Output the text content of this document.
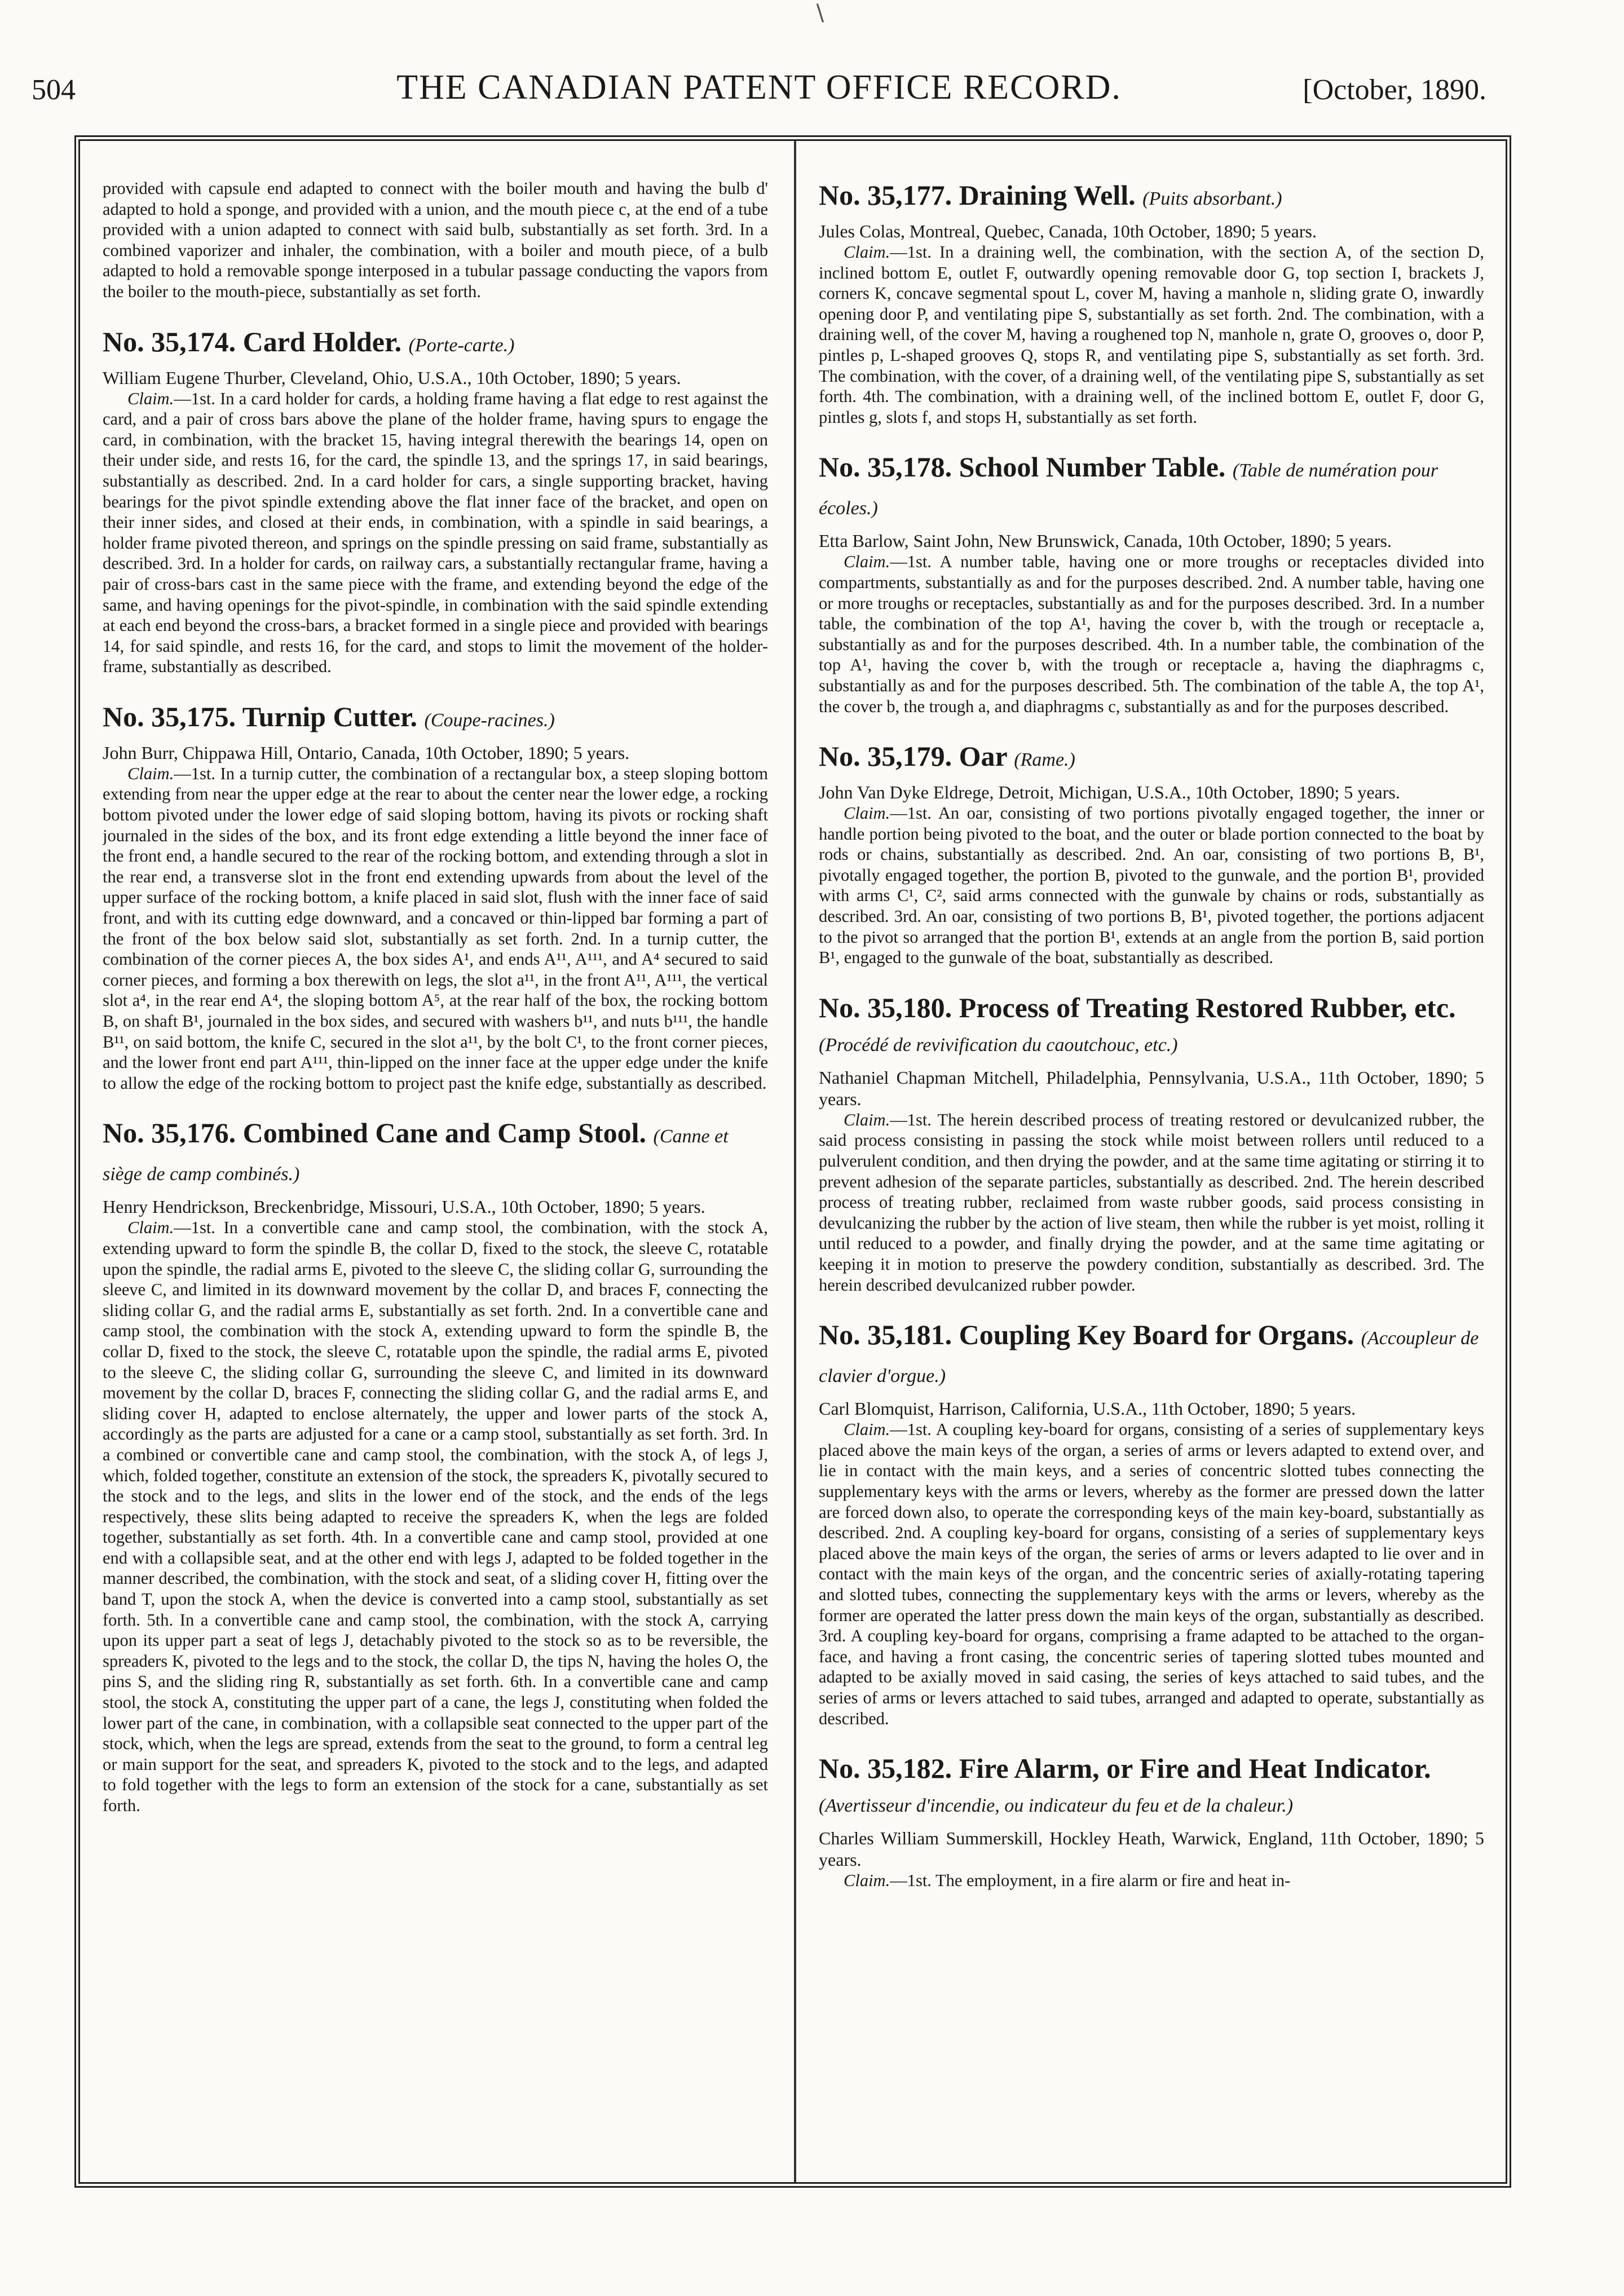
∖
504	THE CANADIAN PATENT OFFICE RECORD.	[October, 1890.

provided with capsule end adapted to connect with the boiler mouth and having the bulb d' adapted to hold a sponge, and provided with a union, and the mouth piece c, at the end of a tube provided with a union adapted to connect with said bulb, substantially as set forth. 3rd. In a combined vaporizer and inhaler, the combination, with a boiler and mouth piece, of a bulb adapted to hold a removable sponge interposed in a tubular passage conducting the vapors from the boiler to the mouth-piece, substantially as set forth.

No. 35,174. Card Holder. (Porte-carte.)

William Eugene Thurber, Cleveland, Ohio, U.S.A., 10th October, 1890; 5 years.

Claim.—1st. In a card holder for cards, a holding frame having a flat edge to rest against the card, and a pair of cross bars above the plane of the holder frame, having spurs to engage the card, in combination, with the bracket 15, having integral therewith the bearings 14, open on their under side, and rests 16, for the card, the spindle 13, and the springs 17, in said bearings, substantially as described. 2nd. In a card holder for cars, a single supporting bracket, having bearings for the pivot spindle extending above the flat inner face of the bracket, and open on their inner sides, and closed at their ends, in combination, with a spindle in said bearings, a holder frame pivoted thereon, and springs on the spindle pressing on said frame, substantially as described. 3rd. In a holder for cards, on railway cars, a substantially rectangular frame, having a pair of cross-bars cast in the same piece with the frame, and extending beyond the edge of the same, and having openings for the pivot-spindle, in combination with the said spindle extending at each end beyond the cross-bars, a bracket formed in a single piece and provided with bearings 14, for said spindle, and rests 16, for the card, and stops to limit the movement of the holder-frame, substantially as described.

No. 35,175. Turnip Cutter. (Coupe-racines.)

John Burr, Chippawa Hill, Ontario, Canada, 10th October, 1890; 5 years.

Claim.—1st. In a turnip cutter, the combination of a rectangular box, a steep sloping bottom extending from near the upper edge at the rear to about the center near the lower edge, a rocking bottom pivoted under the lower edge of said sloping bottom, having its pivots or rocking shaft journaled in the sides of the box, and its front edge extending a little beyond the inner face of the front end, a handle secured to the rear of the rocking bottom, and extending through a slot in the rear end, a transverse slot in the front end extending upwards from about the level of the upper surface of the rocking bottom, a knife placed in said slot, flush with the inner face of said front, and with its cutting edge downward, and a concaved or thin-lipped bar forming a part of the front of the box below said slot, substantially as set forth. 2nd. In a turnip cutter, the combination of the corner pieces A, the box sides A¹, and ends A¹¹, A¹¹¹, and A⁴ secured to said corner pieces, and forming a box therewith on legs, the slot a¹¹, in the front A¹¹, A¹¹¹, the vertical slot a⁴, in the rear end A⁴, the sloping bottom A⁵, at the rear half of the box, the rocking bottom B, on shaft B¹, journaled in the box sides, and secured with washers b¹¹, and nuts b¹¹¹, the handle B¹¹, on said bottom, the knife C, secured in the slot a¹¹, by the bolt C¹, to the front corner pieces, and the lower front end part A¹¹¹, thin-lipped on the inner face at the upper edge under the knife to allow the edge of the rocking bottom to project past the knife edge, substantially as described.

No. 35,176. Combined Cane and Camp Stool. (Canne et siège de camp combinés.)

Henry Hendrickson, Breckenbridge, Missouri, U.S.A., 10th October, 1890; 5 years.

Claim.—1st. In a convertible cane and camp stool, the combination, with the stock A, extending upward to form the spindle B, the collar D, fixed to the stock, the sleeve C, rotatable upon the spindle, the radial arms E, pivoted to the sleeve C, the sliding collar G, surrounding the sleeve C, and limited in its downward movement by the collar D, and braces F, connecting the sliding collar G, and the radial arms E, substantially as set forth. 2nd. In a convertible cane and camp stool, the combination with the stock A, extending upward to form the spindle B, the collar D, fixed to the stock, the sleeve C, rotatable upon the spindle, the radial arms E, pivoted to the sleeve C, the sliding collar G, surrounding the sleeve C, and limited in its downward movement by the collar D, braces F, connecting the sliding collar G, and the radial arms E, and sliding cover H, adapted to enclose alternately, the upper and lower parts of the stock A, accordingly as the parts are adjusted for a cane or a camp stool, substantially as set forth. 3rd. In a combined or convertible cane and camp stool, the combination, with the stock A, of legs J, which, folded together, constitute an extension of the stock, the spreaders K, pivotally secured to the stock and to the legs, and slits in the lower end of the stock, and the ends of the legs respectively, these slits being adapted to receive the spreaders K, when the legs are folded together, substantially as set forth. 4th. In a convertible cane and camp stool, provided at one end with a collapsible seat, and at the other end with legs J, adapted to be folded together in the manner described, the combination, with the stock and seat, of a sliding cover H, fitting over the band T, upon the stock A, when the device is converted into a camp stool, substantially as set forth. 5th. In a convertible cane and camp stool, the combination, with the stock A, carrying upon its upper part a seat of legs J, detachably pivoted to the stock so as to be reversible, the spreaders K, pivoted to the legs and to the stock, the collar D, the tips N, having the holes O, the pins S, and the sliding ring R, substantially as set forth. 6th. In a convertible cane and camp stool, the stock A, constituting the upper part of a cane, the legs J, constituting when folded the lower part of the cane, in combination, with a collapsible seat connected to the upper part of the stock, which, when the legs are spread, extends from the seat to the ground, to form a central leg or main support for the seat, and spreaders K, pivoted to the stock and to the legs, and adapted to fold together with the legs to form an extension of the stock for a cane, substantially as set forth.

No. 35,177. Draining Well. (Puits absorbant.)

Jules Colas, Montreal, Quebec, Canada, 10th October, 1890; 5 years.

Claim.—1st. In a draining well, the combination, with the section A, of the section D, inclined bottom E, outlet F, outwardly opening removable door G, top section I, brackets J, corners K, concave segmental spout L, cover M, having a manhole n, sliding grate O, inwardly opening door P, and ventilating pipe S, substantially as set forth. 2nd. The combination, with a draining well, of the cover M, having a roughened top N, manhole n, grate O, grooves o, door P, pintles p, L-shaped grooves Q, stops R, and ventilating pipe S, substantially as set forth. 3rd. The combination, with the cover, of a draining well, of the ventilating pipe S, substantially as set forth. 4th. The combination, with a draining well, of the inclined bottom E, outlet F, door G, pintles g, slots f, and stops H, substantially as set forth.

No. 35,178. School Number Table. (Table de numération pour écoles.)

Etta Barlow, Saint John, New Brunswick, Canada, 10th October, 1890; 5 years.

Claim.—1st. A number table, having one or more troughs or receptacles divided into compartments, substantially as and for the purposes described. 2nd. A number table, having one or more troughs or receptacles, substantially as and for the purposes described. 3rd. In a number table, the combination of the top A¹, having the cover b, with the trough or receptacle a, substantially as and for the purposes described. 4th. In a number table, the combination of the top A¹, having the cover b, with the trough or receptacle a, having the diaphragms c, substantially as and for the purposes described. 5th. The combination of the table A, the top A¹, the cover b, the trough a, and diaphragms c, substantially as and for the purposes described.

No. 35,179. Oar (Rame.)

John Van Dyke Eldrege, Detroit, Michigan, U.S.A., 10th October, 1890; 5 years.

Claim.—1st. An oar, consisting of two portions pivotally engaged together, the inner or handle portion being pivoted to the boat, and the outer or blade portion connected to the boat by rods or chains, substantially as described. 2nd. An oar, consisting of two portions B, B¹, pivotally engaged together, the portion B, pivoted to the gunwale, and the portion B¹, provided with arms C¹, C², said arms connected with the gunwale by chains or rods, substantially as described. 3rd. An oar, consisting of two portions B, B¹, pivoted together, the portions adjacent to the pivot so arranged that the portion B¹, extends at an angle from the portion B, said portion B¹, engaged to the gunwale of the boat, substantially as described.

No. 35,180. Process of Treating Restored Rubber, etc. (Procédé de revivification du caoutchouc, etc.)

Nathaniel Chapman Mitchell, Philadelphia, Pennsylvania, U.S.A., 11th October, 1890; 5 years.

Claim.—1st. The herein described process of treating restored or devulcanized rubber, the said process consisting in passing the stock while moist between rollers until reduced to a pulverulent condition, and then drying the powder, and at the same time agitating or stirring it to prevent adhesion of the separate particles, substantially as described. 2nd. The herein described process of treating rubber, reclaimed from waste rubber goods, said process consisting in devulcanizing the rubber by the action of live steam, then while the rubber is yet moist, rolling it until reduced to a powder, and finally drying the powder, and at the same time agitating or keeping it in motion to preserve the powdery condition, substantially as described. 3rd. The herein described devulcanized rubber powder.

No. 35,181. Coupling Key Board for Organs. (Accoupleur de clavier d'orgue.)

Carl Blomquist, Harrison, California, U.S.A., 11th October, 1890; 5 years.

Claim.—1st. A coupling key-board for organs, consisting of a series of supplementary keys placed above the main keys of the organ, a series of arms or levers adapted to extend over, and lie in contact with the main keys, and a series of concentric slotted tubes connecting the supplementary keys with the arms or levers, whereby as the former are pressed down the latter are forced down also, to operate the corresponding keys of the main key-board, substantially as described. 2nd. A coupling key-board for organs, consisting of a series of supplementary keys placed above the main keys of the organ, the series of arms or levers adapted to lie over and in contact with the main keys of the organ, and the concentric series of axially-rotating tapering and slotted tubes, connecting the supplementary keys with the arms or levers, whereby as the former are operated the latter press down the main keys of the organ, substantially as described. 3rd. A coupling key-board for organs, comprising a frame adapted to be attached to the organ-face, and having a front casing, the concentric series of tapering slotted tubes mounted and adapted to be axially moved in said casing, the series of keys attached to said tubes, and the series of arms or levers attached to said tubes, arranged and adapted to operate, substantially as described.

No. 35,182. Fire Alarm, or Fire and Heat Indicator. (Avertisseur d'incendie, ou indicateur du feu et de la chaleur.)

Charles William Summerskill, Hockley Heath, Warwick, England, 11th October, 1890; 5 years.

Claim.—1st. The employment, in a fire alarm or fire and heat in-
